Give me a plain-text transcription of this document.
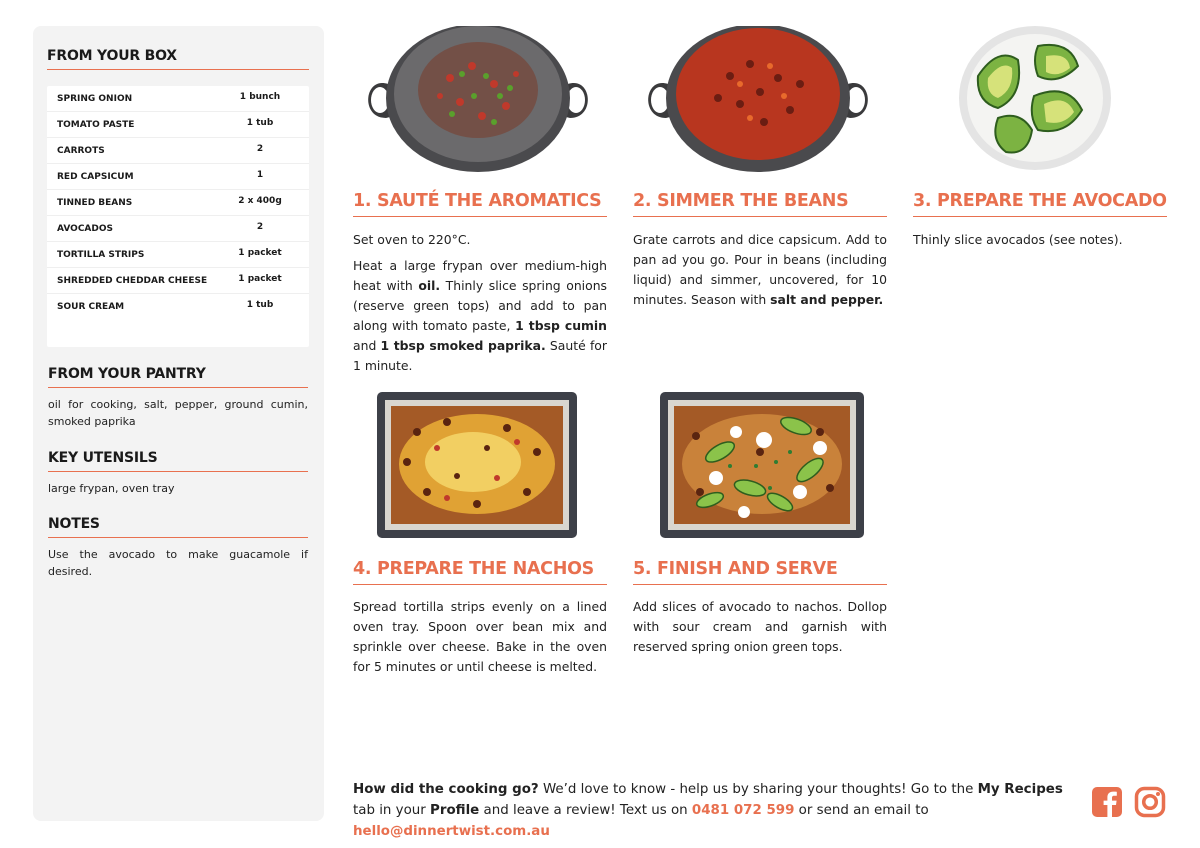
FROM YOUR BOX
SPRING ONION	1 bunch
TOMATO PASTE	1 tub
CARROTS	2
RED CAPSICUM	1
TINNED BEANS	2 x 400g
AVOCADOS	2
TORTILLA STRIPS	1 packet
SHREDDED CHEDDAR CHEESE	1 packet
SOUR CREAM	1 tub
FROM YOUR PANTRY
oil for cooking, salt, pepper, ground cumin, smoked paprika
KEY UTENSILS
large frypan, oven tray
NOTES
Use the avocado to make guacamole if desired.
1. SAUTÉ THE AROMATICS	2. SIMMER THE BEANS	3. PREPARE THE AVOCADO
4. PREPARE THE NACHOS	5. FINISH AND SERVE

Set oven to 220°C.

Heat a large frypan over medium-high heat with oil. Thinly slice spring onions (reserve green tops) and add to pan along with tomato paste, 1 tbsp cumin and 1 tbsp smoked paprika. Sauté for 1 minute.

Grate carrots and dice capsicum. Add to pan ad you go. Pour in beans (including liquid) and simmer, uncovered, for 10 minutes. Season with salt and pepper.

Thinly slice avocados (see notes).

Spread tortilla strips evenly on a lined oven tray. Spoon over bean mix and sprinkle over cheese. Bake in the oven for 5 minutes or until cheese is melted.

Add slices of avocado to nachos. Dollop with sour cream and garnish with reserved spring onion green tops.

How did the cooking go? We’d love to know - help us by sharing your thoughts! Go to the My Recipes tab in your Profile and leave a review! Text us on 0481 072 599 or send an email to hello@dinnertwist.com.au
